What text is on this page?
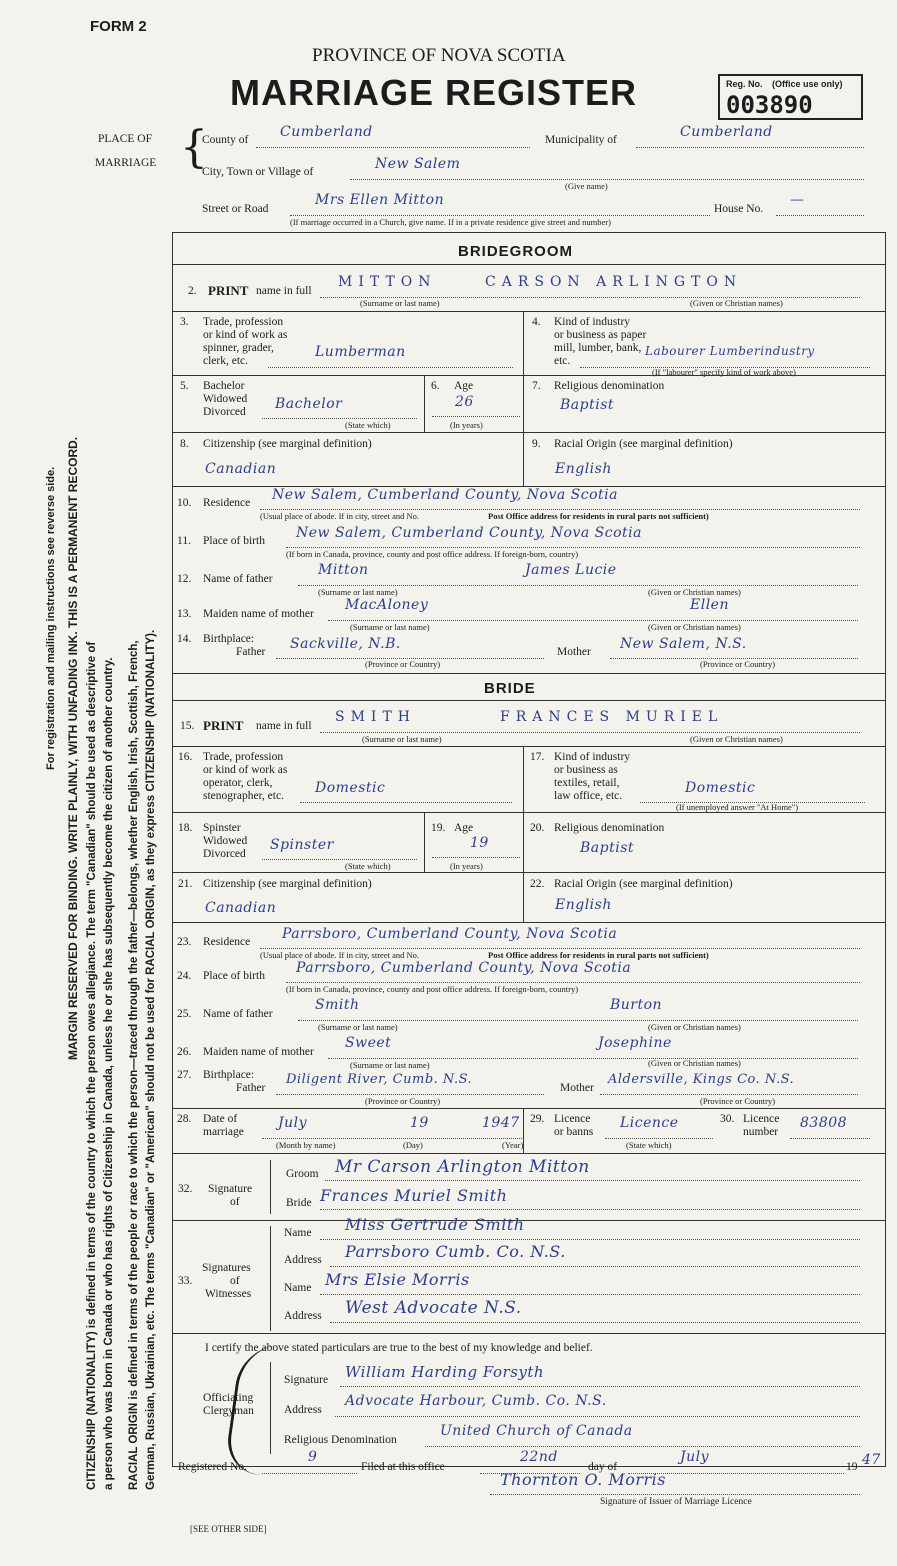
For registration and mailing instructions see reverse side. MARGIN RESERVED FOR BINDING. WRITE PLAINLY, WITH UNFADING INK. THIS IS A PERMANENT RECORD. CITIZENSHIP (NATIONALITY) is defined in terms of the country to which the person owes allegiance. The term "Canadian" should be used as descriptive of a person who was born in Canada or who has rights of Citizenship in Canada, unless he or she has subsequently become the citizen of another country. RACIAL ORIGIN is defined in terms of the people or race to which the person—traced through the father—belongs, whether English, Irish, Scottish, French, German, Russian, Ukrainian, etc. The terms "Canadian" or "American" should not be used for RACIAL ORIGIN, as they express CITIZENSHIP (NATIONALITY).
FORM 2
PROVINCE OF NOVA SCOTIA
MARRIAGE REGISTER	Reg. No. (Office use only)
003890
PLACE OF
MARRIAGE {
County of Cumberland	Municipality of	Cumberland
City, Town or Village of	New Salem
(Give name)
Street or Road
Mrs Ellen Mitton
House No.
—
(If marriage occurred in a Church, give name. If in a private residence give street and number)
BRIDEGROOM
2. PRINT name in full
MITTON	CARSON ARLINGTON
(Surname or last name)	(Given or Christian names)
3. Trade, profession
or kind of work as
spinner, grader,
clerk, etc.
Lumberman
4. Kind of industry
or business as paper
mill, lumber, bank,
etc.
Labourer Lumberindustry
(If "labourer" specify kind of work above)
5. Bachelor
Widowed
Divorced Bachelor
(State which)
6. Age
26
(In years)
7. Religious denomination
Baptist
8. Citizenship (see marginal definition)
Canadian
9. Racial Origin (see marginal definition)
English
10. Residence New Salem, Cumberland County, Nova Scotia
(Usual place of abode. If in city, street and No.	Post Office address for residents in rural parts not sufficient)
11. Place of birth New Salem, Cumberland County, Nova Scotia
(If born in Canada, province, county and post office address. If foreign-born, country)
12. Name of father
Mitton	James Lucie
(Surname or last name)	(Given or Christian names)
13. Maiden name of mother
MacAloney	Ellen
(Surname or last name)	(Given or Christian names)
14. Birthplace:
Father Sackville, N.B.	Mother New Salem, N.S.
(Province or Country)	(Province or Country)
BRIDE
15. PRINT name in full
SMITH	FRANCES MURIEL
(Surname or last name)	(Given or Christian names)
16. Trade, profession
or kind of work as
operator, clerk,
stenographer, etc. Domestic
17. Kind of industry
or business as
textiles, retail,
law office, etc.	Domestic
(If unemployed answer "At Home")
18. Spinster
Widowed
Divorced
Spinster
(State which)
19. Age
19
(In years)
20. Religious denomination
Baptist
21. Citizenship (see marginal definition)
Canadian
22. Racial Origin (see marginal definition)
English
23. Residence Parrsboro, Cumberland County, Nova Scotia
(Usual place of abode. If in city, street and No.	Post Office address for residents in rural parts not sufficient)
24. Place of birth Parrsboro, Cumberland County, Nova Scotia
(If born in Canada, province, county and post office address. If foreign-born, country)
25. Name of father
Smith	Burton
(Surname or last name)	(Given or Christian names)
26. Maiden name of mother
Sweet	Josephine
(Surname or last name)	(Given or Christian names)
27. Birthplace:
Father
Diligent River, Cumb. N.S.
Mother
Aldersville, Kings Co. N.S.
(Province or Country)	(Province or Country)
28. Date of
marriage
July	19	1947
(Month by name)	(Day)	(Year)
29. Licence
or banns
Licence
(State which)
30. Licence
number
83808
32. Signature
of
Groom Mr Carson Arlington Mitton
Bride Frances Muriel Smith
33.
Signatures
of
Witnesses
Name Miss Gertrude Smith
Address Parrsboro Cumb. Co. N.S.
Name Mrs Elsie Morris
Address West Advocate N.S.
I certify the above stated particulars are true to the best of my knowledge and belief.
Officiating
Clergyman
Signature William Harding Forsyth
Address
Advocate Harbour, Cumb. Co. N.S.
Religious Denomination
United Church of Canada
Registered No.
9
Filed at this office
22nd
day of
July
19 47
Thornton O. Morris
Signature of Issuer of Marriage Licence
[SEE OTHER SIDE]
